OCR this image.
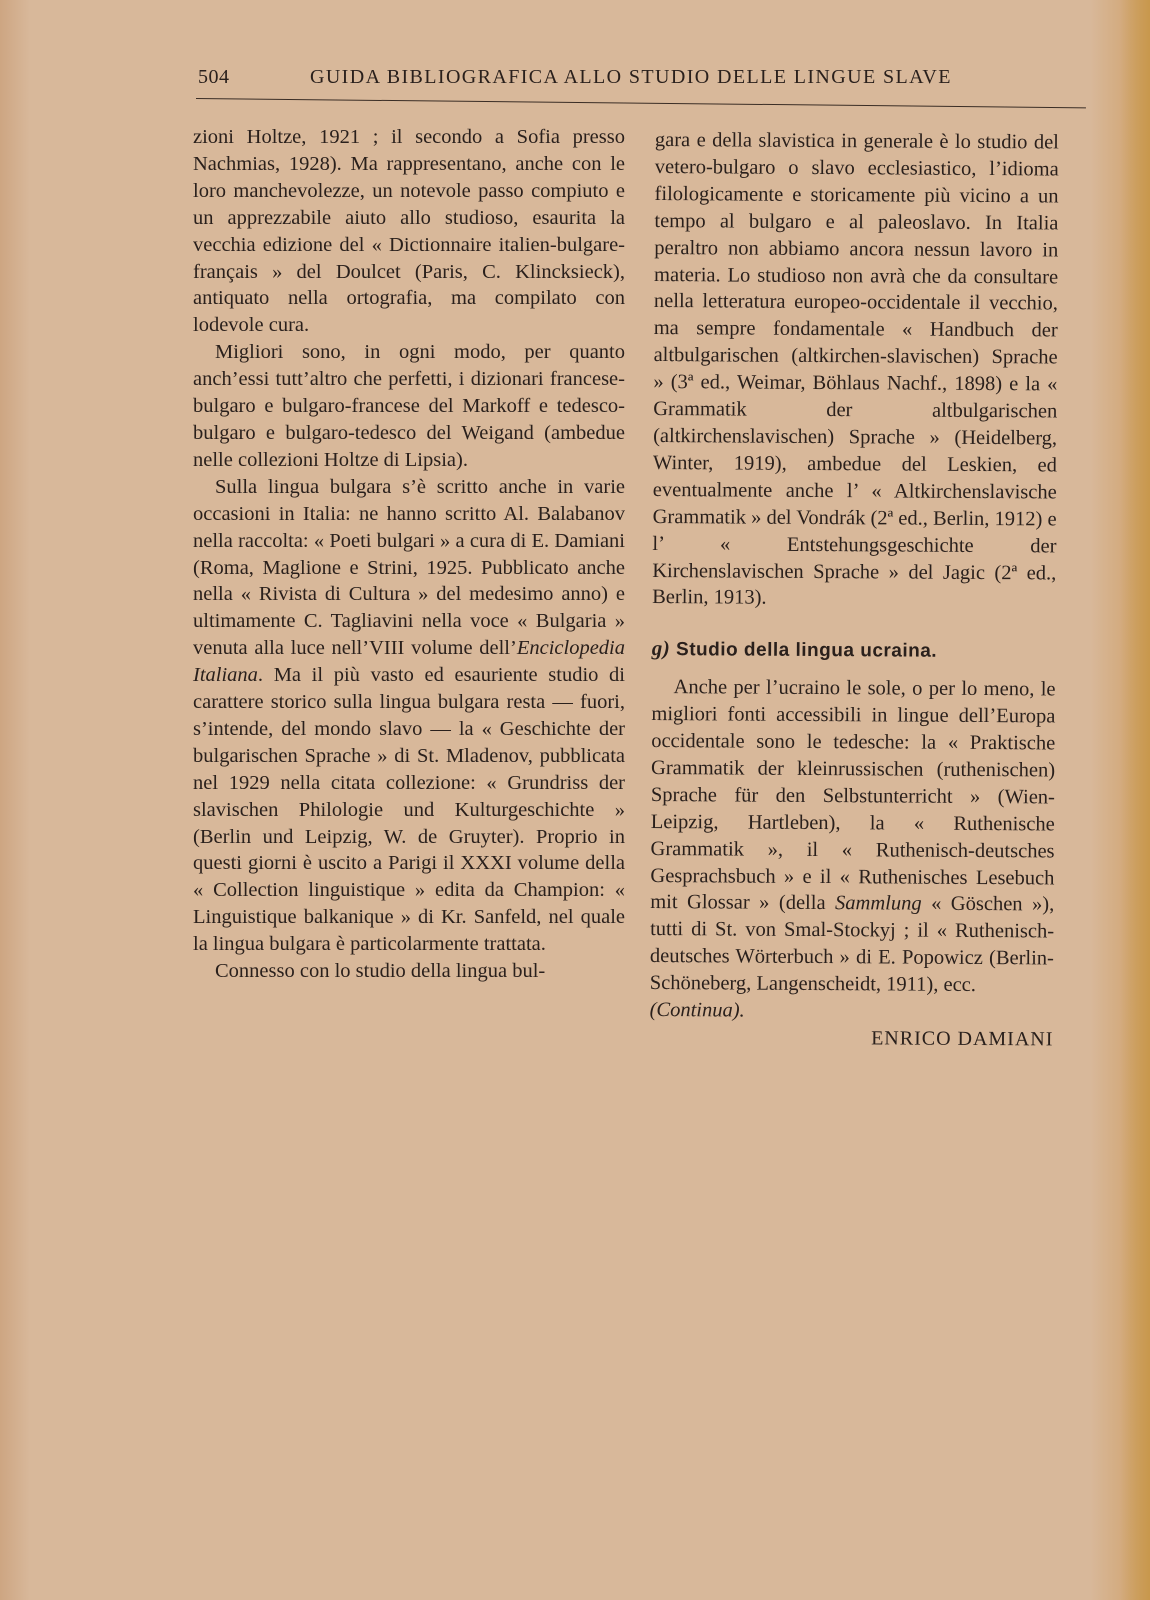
504	GUIDA BIBLIOGRAFICA ALLO STUDIO DELLE LINGUE SLAVE

zioni Holtze, 1921 ; il secondo a Sofia presso Nachmias, 1928). Ma rappresentano, anche con le loro manchevolezze, un notevole passo compiuto e un apprezzabile aiuto allo studioso, esaurita la vecchia edizione del « Dictionnaire italien-bulgare-français » del Doulcet (Paris, C. Klincksieck), antiquato nella ortografia, ma compilato con lodevole cura.

Migliori sono, in ogni modo, per quanto anch’essi tutt’altro che perfetti, i dizionari francese-bulgaro e bulgaro-francese del Markoff e tedesco-bulgaro e bulgaro-tedesco del Weigand (ambedue nelle collezioni Holtze di Lipsia).

Sulla lingua bulgara s’è scritto anche in varie occasioni in Italia: ne hanno scritto Al. Balabanov nella raccolta: « Poeti bulgari » a cura di E. Damiani (Roma, Maglione e Strini, 1925. Pubblicato anche nella « Rivista di Cultura » del medesimo anno) e ultimamente C. Tagliavini nella voce « Bulgaria » venuta alla luce nell’VIII volume dell’Enciclopedia Italiana. Ma il più vasto ed esauriente studio di carattere storico sulla lingua bulgara resta — fuori, s’intende, del mondo slavo — la « Geschichte der bulgarischen Sprache » di St. Mladenov, pubblicata nel 1929 nella citata collezione: « Grundriss der slavischen Philologie und Kulturgeschichte » (Berlin und Leipzig, W. de Gruyter). Proprio in questi giorni è uscito a Parigi il XXXI volume della « Collection linguistique » edita da Champion: « Linguistique balkanique » di Kr. Sanfeld, nel quale la lingua bulgara è particolarmente trattata.

Connesso con lo studio della lingua bul-

gara e della slavistica in generale è lo studio del vetero-bulgaro o slavo ecclesiastico, l’idioma filologicamente e storicamente più vicino a un tempo al bulgaro e al paleoslavo. In Italia peraltro non abbiamo ancora nessun lavoro in materia. Lo studioso non avrà che da consultare nella letteratura europeo-occidentale il vecchio, ma sempre fondamentale « Handbuch der altbulgarischen (altkirchen-slavischen) Sprache » (3ª ed., Weimar, Böhlaus Nachf., 1898) e la « Grammatik der altbulgarischen (altkirchenslavischen) Sprache » (Heidelberg, Winter, 1919), ambedue del Leskien, ed eventualmente anche l’ « Altkirchenslavische Grammatik » del Vondrák (2ª ed., Berlin, 1912) e l’ « Entstehungsgeschichte der Kirchenslavischen Sprache » del Jagic (2ª ed., Berlin, 1913).

g) Studio della lingua ucraina.

Anche per l’ucraino le sole, o per lo meno, le migliori fonti accessibili in lingue dell’Europa occidentale sono le tedesche: la « Praktische Grammatik der kleinrussischen (ruthenischen) Sprache für den Selbstunterricht » (Wien-Leipzig, Hartleben), la « Ruthenische Grammatik », il « Ruthenisch-deutsches Gesprachsbuch » e il « Ruthenisches Lesebuch mit Glossar » (della Sammlung « Göschen »), tutti di St. von Smal-Stockyj ; il « Ruthenisch-deutsches Wörterbuch » di E. Popowicz (Berlin-Schöneberg, Langenscheidt, 1911), ecc.

(Continua).

ENRICO DAMIANI
